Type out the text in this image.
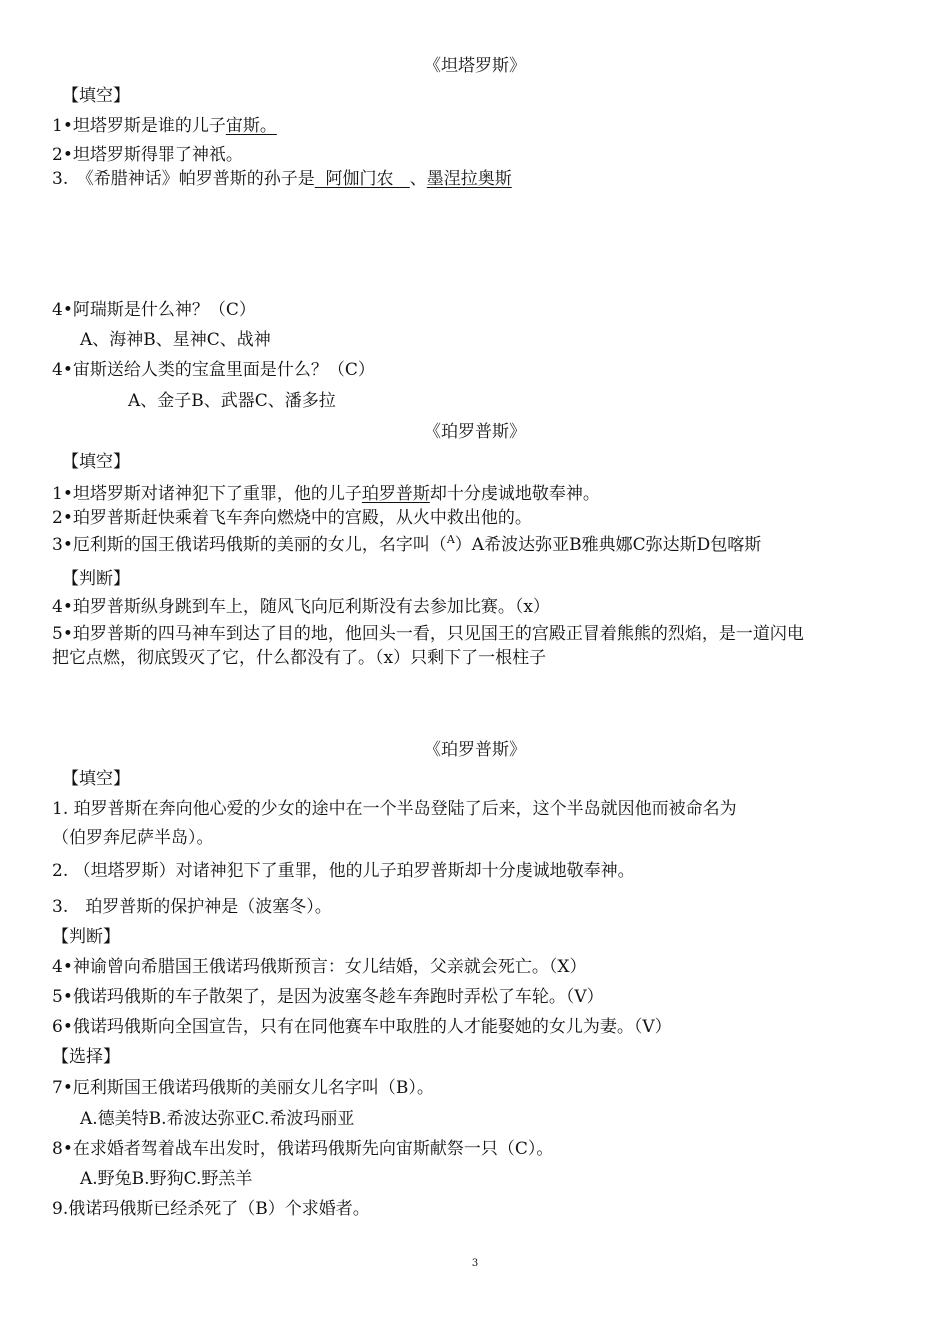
《坦塔罗斯》
【填空】
1•坦塔罗斯是谁的儿子宙斯。
2•坦塔罗斯得罪了神祇。
3.　《希腊神话》帕罗普斯的孙子是  阿伽门农   、墨涅拉奥斯
4•阿瑞斯是什么神？（C）
A、海神B、星神C、战神
4•宙斯送给人类的宝盒里面是什么？（C）
A、金子B、武器C、潘多拉
《珀罗普斯》
【填空】
1•坦塔罗斯对诸神犯下了重罪，他的儿子珀罗普斯却十分虔诚地敬奉神。
2•珀罗普斯赶快乘着飞车奔向燃烧中的宫殿，从火中救出他的。
3•厄利斯的国王俄诺玛俄斯的美丽的女儿，名字叫（$^A$）A希波达弥亚B雅典娜C弥达斯D包喀斯
【判断】
4•珀罗普斯纵身跳到车上，随风飞向厄利斯没有去参加比赛。（x）
5•珀罗普斯的四马神车到达了目的地，他回头一看，只见国王的宫殿正冒着熊熊的烈焰，是一道闪电
把它点燃，彻底毁灭了它，什么都没有了。（x）只剩下了一根柱子
《珀罗普斯》
【填空】
1. 珀罗普斯在奔向他心爱的少女的途中在一个半岛登陆了后来，这个半岛就因他而被命名为
（伯罗奔尼萨半岛）。
2. （坦塔罗斯）对诸神犯下了重罪，他的儿子珀罗普斯却十分虔诚地敬奉神。
3.　珀罗普斯的保护神是（波塞冬）。
【判断】
4•神谕曾向希腊国王俄诺玛俄斯预言：女儿结婚，父亲就会死亡。（X）
5•俄诺玛俄斯的车子散架了，是因为波塞冬趁车奔跑时弄松了车轮。（V）
6•俄诺玛俄斯向全国宣告，只有在同他赛车中取胜的人才能娶她的女儿为妻。（V）
【选择】
7•厄利斯国王俄诺玛俄斯的美丽女儿名字叫（B）。
A.德美特B.希波达弥亚C.希波玛丽亚
8•在求婚者驾着战车出发时，俄诺玛俄斯先向宙斯献祭一只（C）。
A.野兔B.野狗C.野羔羊
9.俄诺玛俄斯已经杀死了（B）个求婚者。
3
